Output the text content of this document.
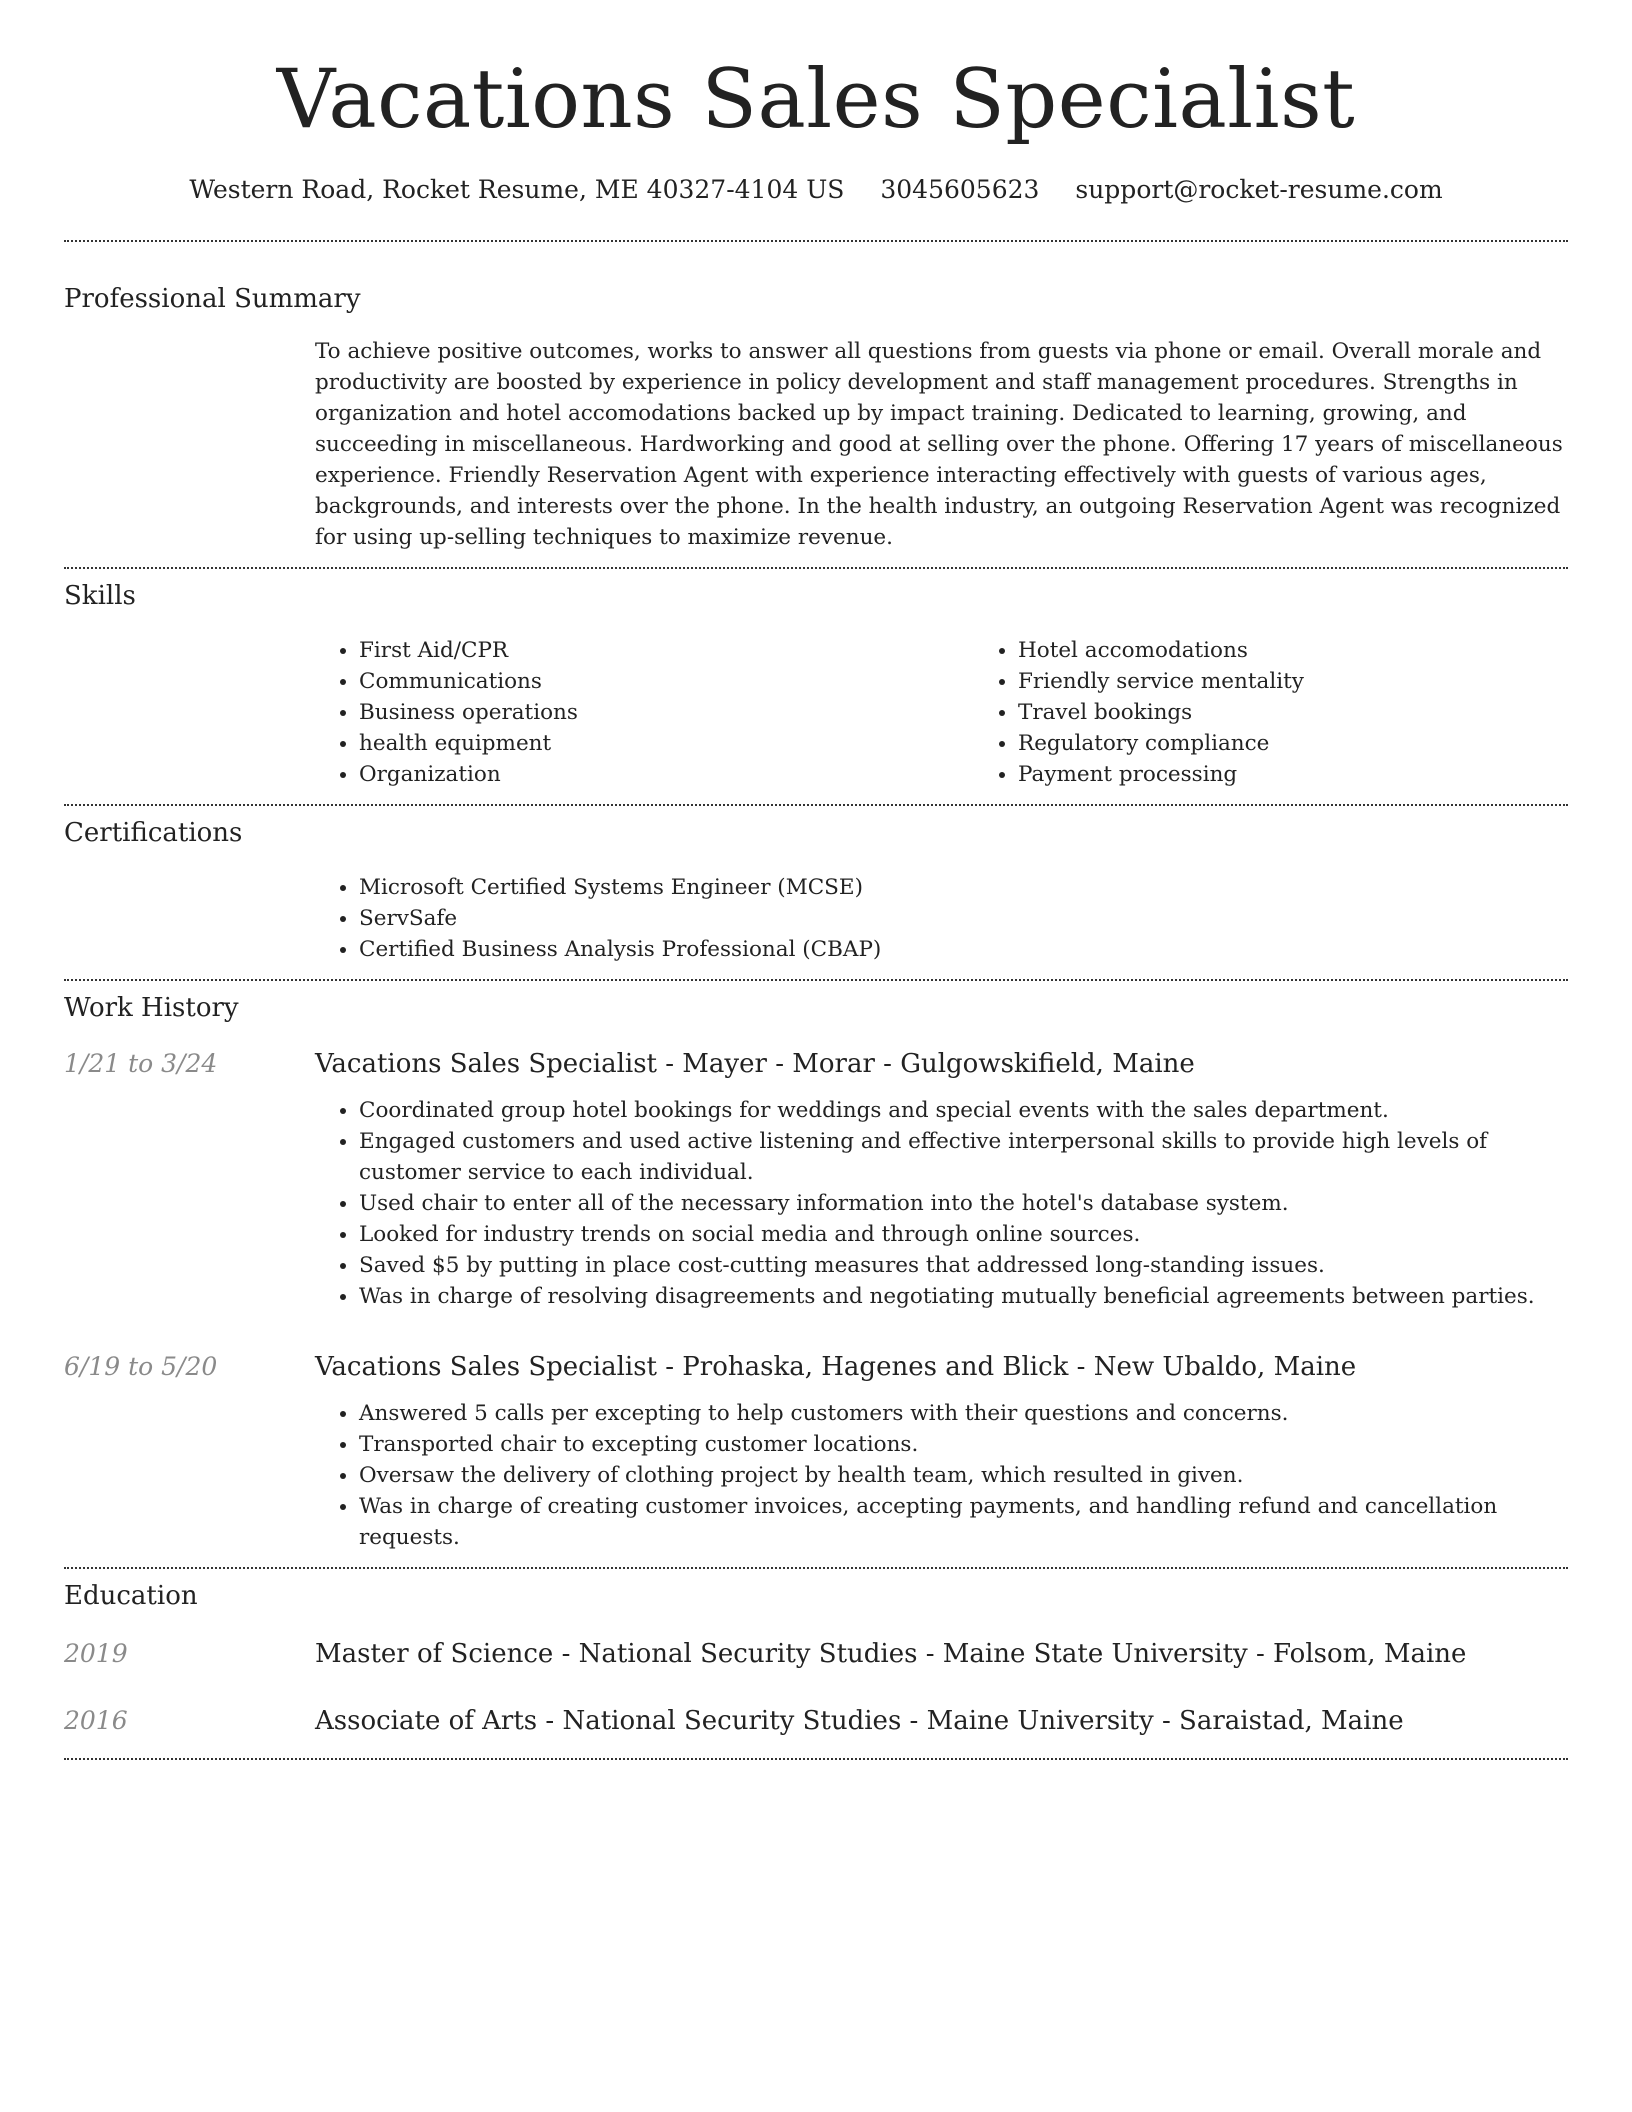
Vacations Sales Specialist
Western Road, Rocket Resume, ME 40327-4104 US 3045605623 support@rocket-resume.com
Professional Summary

To achieve positive outcomes, works to answer all questions from guests via phone or email. Overall morale and productivity are boosted by experience in policy development and staff management procedures. Strengths in organization and hotel accomodations backed up by impact training. Dedicated to learning, growing, and succeeding in miscellaneous. Hardworking and good at selling over the phone. Offering 17 years of miscellaneous experience. Friendly Reservation Agent with experience interacting effectively with guests of various ages, backgrounds, and interests over the phone. In the health industry, an outgoing Reservation Agent was recognized for using up-selling techniques to maximize revenue.

Skills
• First Aid/CPR
• Communications
• Business operations
• health equipment
• Organization
• Hotel accomodations
• Friendly service mentality
• Travel bookings
• Regulatory compliance
• Payment processing
Certifications
• Microsoft Certified Systems Engineer (MCSE)
• ServSafe
• Certified Business Analysis Professional (CBAP)
Work History
1/21 to 3/24	Vacations Sales Specialist - Mayer - Morar - Gulgowskifield, Maine
• Coordinated group hotel bookings for weddings and special events with the sales department.
• Engaged customers and used active listening and effective interpersonal skills to provide high levels of customer service to each individual.
• Used chair to enter all of the necessary information into the hotel's database system.
• Looked for industry trends on social media and through online sources.
• Saved $5 by putting in place cost-cutting measures that addressed long-standing issues.
• Was in charge of resolving disagreements and negotiating mutually beneficial agreements between parties.
6/19 to 5/20	Vacations Sales Specialist - Prohaska, Hagenes and Blick - New Ubaldo, Maine
• Answered 5 calls per excepting to help customers with their questions and concerns.
• Transported chair to excepting customer locations.
• Oversaw the delivery of clothing project by health team, which resulted in given.
• Was in charge of creating customer invoices, accepting payments, and handling refund and cancellation requests.
Education
2019	Master of Science - National Security Studies - Maine State University - Folsom, Maine
2016	Associate of Arts - National Security Studies - Maine University - Saraistad, Maine
